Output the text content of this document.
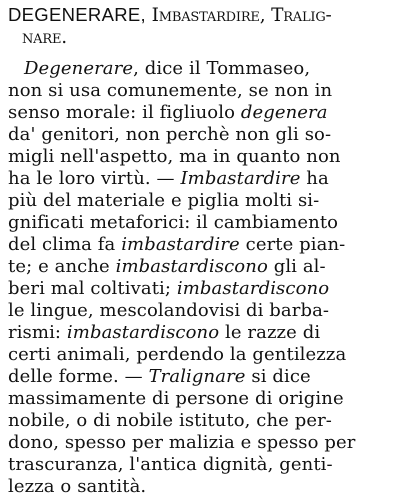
DEGENERARE, Imbastardire, Tralig-
nare.
Degenerare, dice il Tommaseo,
non si usa comunemente, se non in
senso morale: il figliuolo degenera
da' genitori, non perchè non gli so-
migli nell'aspetto, ma in quanto non
ha le loro virtù. — Imbastardire ha
più del materiale e piglia molti si-
gnificati metaforici: il cambiamento
del clima fa imbastardire certe pian-
te; e anche imbastardiscono gli al-
beri mal coltivati; imbastardiscono
le lingue, mescolandovisi di barba-
rismi: imbastardiscono le razze di
certi animali, perdendo la gentilezza
delle forme. — Tralignare si dice
massimamente di persone di origine
nobile, o di nobile istituto, che per-
dono, spesso per malizia e spesso per
trascuranza, l'antica dignità, genti-
lezza o santità.
